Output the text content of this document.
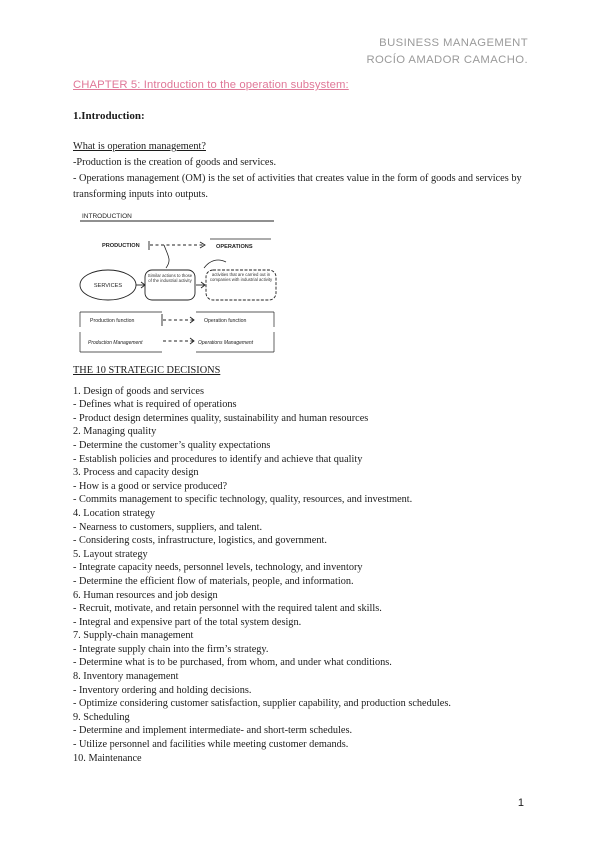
BUSINESS MANAGEMENT
ROCÍO AMADOR CAMACHO.
CHAPTER 5: Introduction to the operation subsystem:
1.Introduction:
What is operation management?
-Production is the creation of goods and services.
- Operations management (OM) is the set of activities that creates value in the form of goods and services by transforming inputs into outputs.
INTRODUCTION
PRODUCTION	OPERATIONS
SERVICES
Similar actions to those of the industrial activity
activities that are carried out in companies with industrial activity
Production function	Operation function
Production Management	Operations Management
THE 10 STRATEGIC DECISIONS
1. Design of goods and services
- Defines what is required of operations
- Product design determines quality, sustainability and human resources
2. Managing quality
- Determine the customer’s quality expectations
- Establish policies and procedures to identify and achieve that quality
3. Process and capacity design
- How is a good or service produced?
- Commits management to specific technology, quality, resources, and investment.
4. Location strategy
- Nearness to customers, suppliers, and talent.
- Considering costs, infrastructure, logistics, and government.
5. Layout strategy
- Integrate capacity needs, personnel levels, technology, and inventory
- Determine the efficient flow of materials, people, and information.
6. Human resources and job design
- Recruit, motivate, and retain personnel with the required talent and skills.
- Integral and expensive part of the total system design.
7. Supply-chain management
- Integrate supply chain into the firm’s strategy.
- Determine what is to be purchased, from whom, and under what conditions.
8. Inventory management
- Inventory ordering and holding decisions.
- Optimize considering customer satisfaction, supplier capability, and production schedules.
9. Scheduling
- Determine and implement intermediate- and short-term schedules.
- Utilize personnel and facilities while meeting customer demands.
10. Maintenance
1
